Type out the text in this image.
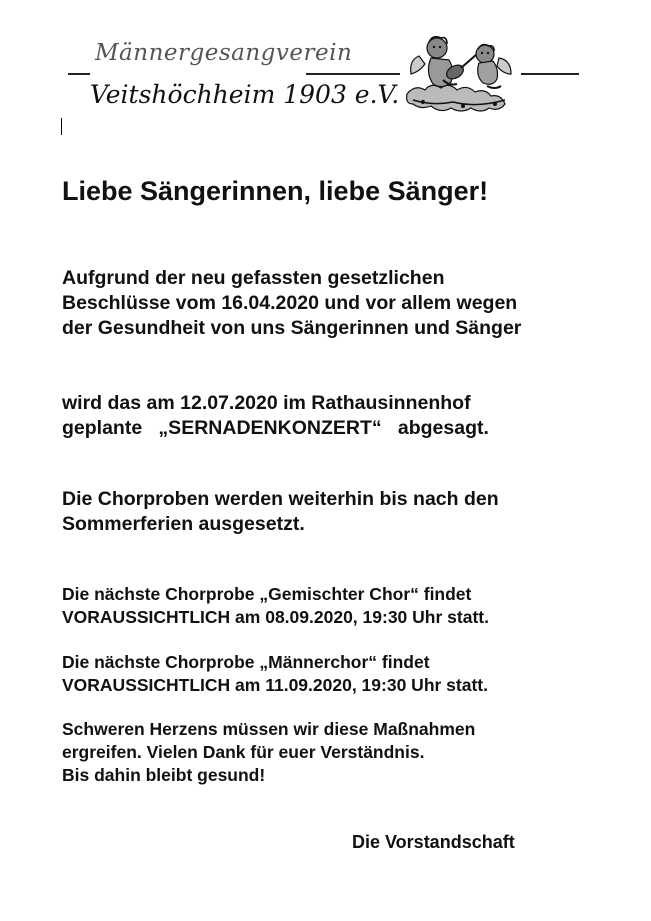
Männergesangverein
Veitshöchheim 1903 e.V.
Liebe Sängerinnen, liebe Sänger!
Aufgrund der neu gefassten gesetzlichen
Beschlüsse vom 16.04.2020 und vor allem wegen
der Gesundheit von uns Sängerinnen und Sänger
wird das am 12.07.2020 im Rathausinnenhof
geplante   „SERNADENKONZERT“   abgesagt.
Die Chorproben werden weiterhin bis nach den
Sommerferien ausgesetzt.
Die nächste Chorprobe „Gemischter Chor“ findet
VORAUSSICHTLICH am 08.09.2020, 19:30 Uhr statt.
Die nächste Chorprobe „Männerchor“ findet
VORAUSSICHTLICH am 11.09.2020, 19:30 Uhr statt.
Schweren Herzens müssen wir diese Maßnahmen
ergreifen. Vielen Dank für euer Verständnis.
Bis dahin bleibt gesund!
Die Vorstandschaft
